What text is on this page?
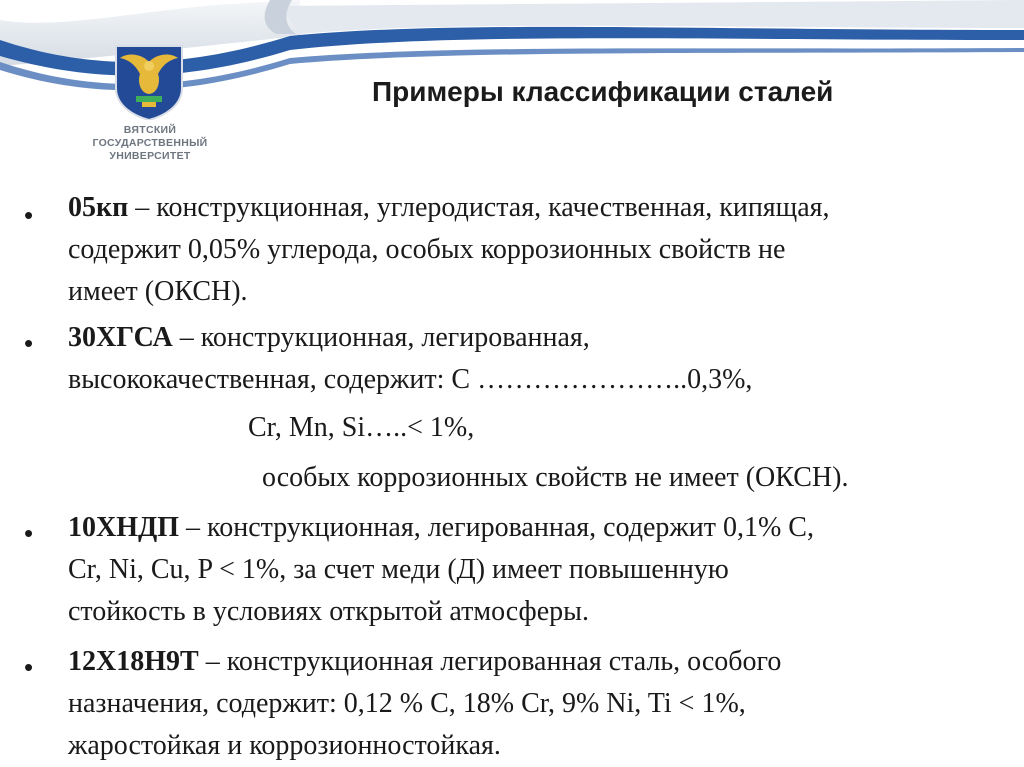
ВЯТСКИЙ
ГОСУДАРСТВЕННЫЙ
УНИВЕРСИТЕТ
Примеры классификации сталей
• 05кп – конструкционная, углеродистая, качественная, кипящая,
содержит 0,05% углерода, особых коррозионных свойств не
имеет (ОКСН).
• 30ХГСА – конструкционная, легированная,
высококачественная, содержит: С …………………..0,3%,
Cr, Mn, Si…..< 1%,
особых коррозионных свойств не имеет (ОКСН).
• 10ХНДП – конструкционная, легированная, содержит 0,1% С,
Cr, Ni, Cu, P < 1%, за счет меди (Д) имеет повышенную
стойкость в условиях открытой атмосферы.
• 12Х18Н9Т – конструкционная легированная сталь, особого
назначения, содержит: 0,12 % С, 18% Cr, 9% Ni, Ti < 1%,
жаростойкая и коррозионностойкая.
